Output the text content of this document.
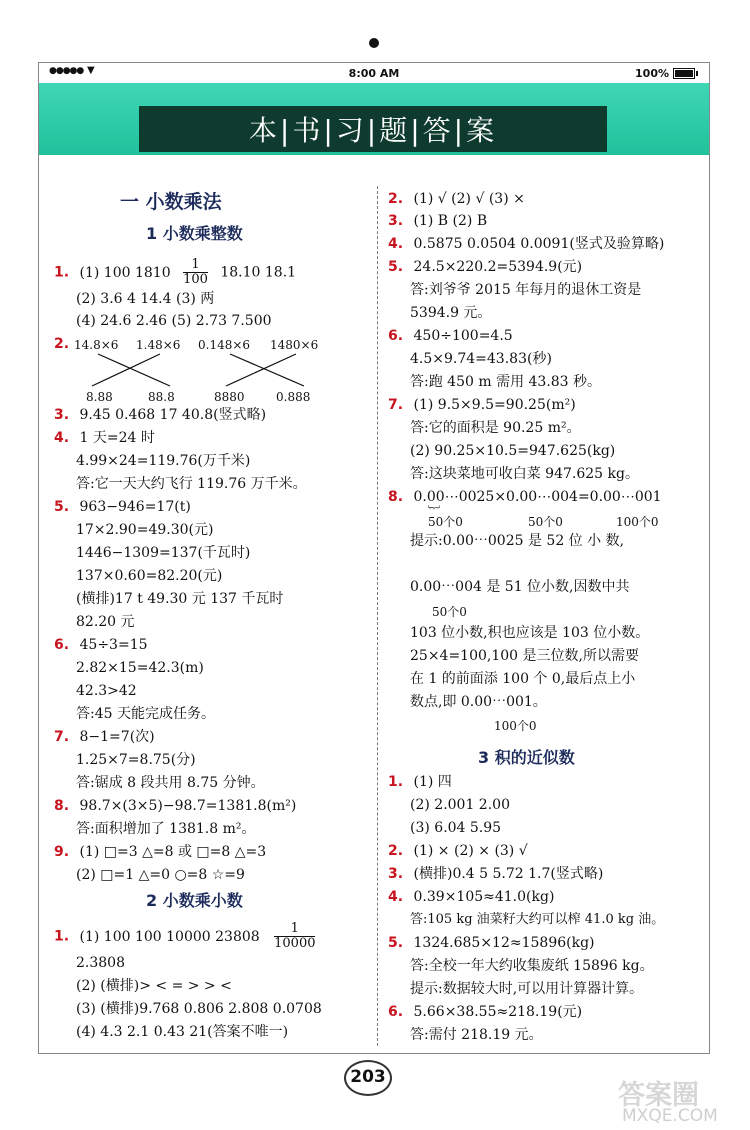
●●●●● ▼	8:00 AM	100%
本|书|习|题|答|案
一 小数乘法
1 小数乘整数
1. (1) 100 $1810 \frac{1}{100} 18.10$ 18.1
(2) 3.6 4 14.4 (3) 两
(4) 24.6 2.46 (5) 2.73 7.500
2. 14.8×6 1.48×6 0.148×6 1480×6
8.88	88.8	8880	0.888
3. 9.45 0.468 17 40.8(竖式略)
4. 1 天=24 时
4.99×24=119.76(万千米)
答:它一天大约飞行 119.76 万千米。
5. 963−946=17(t)
17×2.90=49.30(元)
1446−1309=137(千瓦时)
137×0.60=82.20(元)
(横排)17 t 49.30 元 137 千瓦时
82.20 元
6. 45÷3=15
2.82×15=42.3(m)
42.3>42
答:45 天能完成任务。
7. 8−1=7(次)
1.25×7=8.75(分)
答:锯成 8 段共用 8.75 分钟。
8. 98.7×(3×5)−98.7=1381.8(m²)
答:面积增加了 1381.8 m²。
9. (1) □=3 △=8 或 □=8 △=3
(2) □=1 △=0 ○=8 ☆=9
2 小数乘小数
1. (1) 100 100 10000 $23808 \frac{1}{10000}$
2.3808
(2) (横排)> < = > > <
(3) (横排)9.768 0.806 2.808 0.0708
(4) 4.3 2.1 0.43 21(答案不唯一)
2. (1) √ (2) √ (3) ×
3. (1) B (2) B
4. 0.5875 0.0504 0.0091(竖式及验算略)
5. 24.5×220.2=5394.9(元)
答:刘爷爷 2015 年每月的退休工资是
5394.9 元。
6. 450÷100=4.5
4.5×9.74=43.83(秒)
答:跑 450 m 需用 43.83 秒。
7. (1) 9.5×9.5=90.25(m²)
答:它的面积是 90.25 m²。
(2) 90.25×10.5=947.625(kg)
答:这块菜地可收白菜 947.625 kg。
8. 0.00⋯0025×0.00⋯004=0.00⋯001
︸
50个0	50个0	100个0
提示:0.00⋯0025 是 52 位 小 数,
0.00⋯004 是 51 位小数,因数中共
50个0
103 位小数,积也应该是 103 位小数。
25×4=100,100 是三位数,所以需要
在 1 的前面添 100 个 0,最后点上小
数点,即 0.00⋯001。
100个0
3 积的近似数
1. (1) 四
(2) 2.001 2.00
(3) 6.04 5.95
2. (1) × (2) × (3) √
3. (横排)0.4 5 5.72 1.7(竖式略)
4. 0.39×105≈41.0(kg)
答:105 kg 油菜籽大约可以榨 41.0 kg 油。
5. 1324.685×12≈15896(kg)
答:全校一年大约收集废纸 15896 kg。
提示:数据较大时,可以用计算器计算。
6. 5.66×38.55≈218.19(元)
答:需付 218.19 元。
203
答案圈
MXQE.COM
